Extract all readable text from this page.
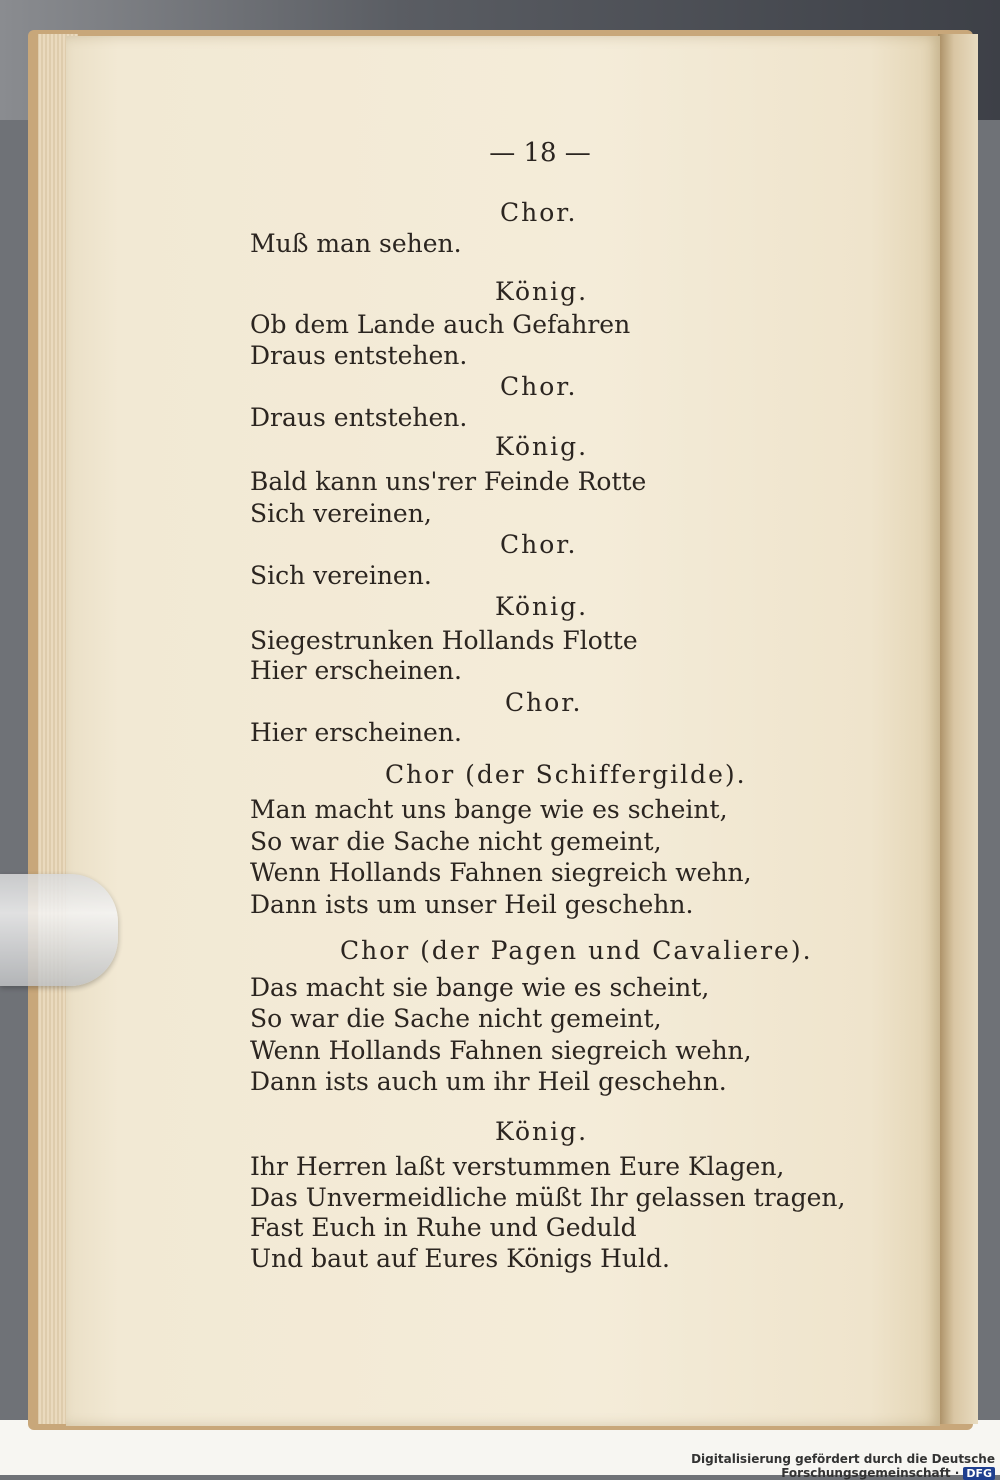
— 18 —
Chor.
Muß man sehen.
König.
Ob dem Lande auch Gefahren
Draus entstehen.
Chor.
Draus entstehen.
König.
Bald kann uns'rer Feinde Rotte
Sich vereinen,
Chor.
Sich vereinen.
König.
Siegestrunken Hollands Flotte
Hier erscheinen.
Chor.
Hier erscheinen.
Chor (der Schiffergilde).
Man macht uns bange wie es scheint,
So war die Sache nicht gemeint,
Wenn Hollands Fahnen siegreich wehn,
Dann ists um unser Heil geschehn.
Chor (der Pagen und Cavaliere).
Das macht sie bange wie es scheint,
So war die Sache nicht gemeint,
Wenn Hollands Fahnen siegreich wehn,
Dann ists auch um ihr Heil geschehn.
König.
Ihr Herren laßt verstummen Eure Klagen,
Das Unvermeidliche müßt Ihr gelassen tragen,
Fast Euch in Ruhe und Geduld
Und baut auf Eures Königs Huld.
Digitalisierung gefördert durch die Deutsche Forschungsgemeinschaft · DFG
